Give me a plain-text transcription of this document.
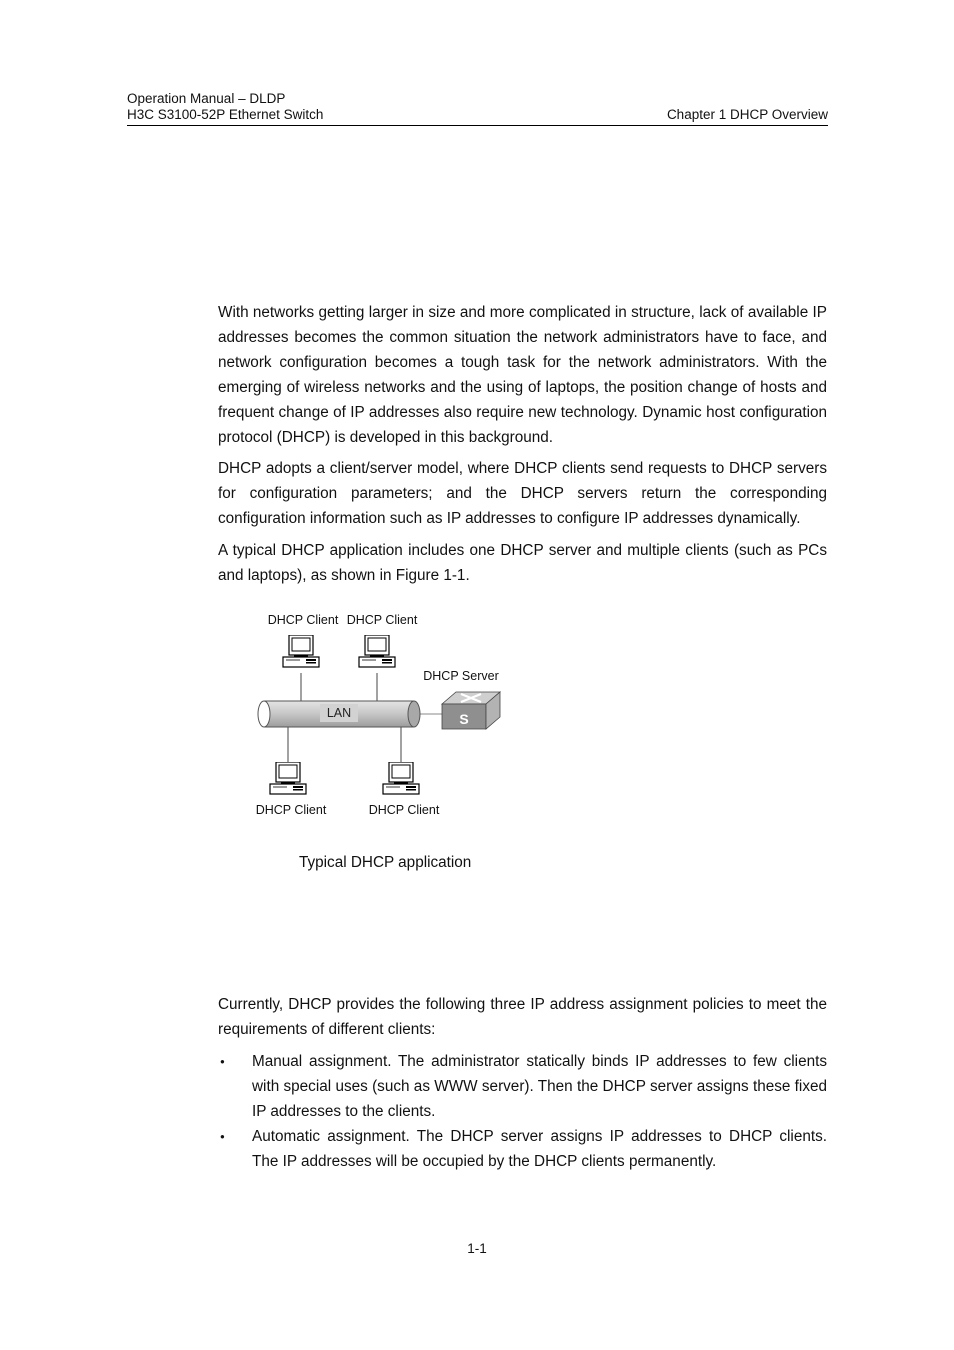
Operation Manual – DLDP
H3C S3100-52P Ethernet Switch	Chapter 1 DHCP Overview

With networks getting larger in size and more complicated in structure, lack of available IP addresses becomes the common situation the network administrators have to face, and network configuration becomes a tough task for the network administrators. With the emerging of wireless networks and the using of laptops, the position change of hosts and frequent change of IP addresses also require new technology. Dynamic host configuration protocol (DHCP) is developed in this background.

DHCP adopts a client/server model, where DHCP clients send requests to DHCP servers for configuration parameters; and the DHCP servers return the corresponding configuration information such as IP addresses to configure IP addresses dynamically.

A typical DHCP application includes one DHCP server and multiple clients (such as PCs and laptops), as shown in Figure 1-1.

LAN	S
DHCP Client DHCP Client
DHCP Server
DHCP Client	DHCP Client
Typical DHCP application

Currently, DHCP provides the following three IP address assignment policies to meet the requirements of different clients:

● Manual assignment. The administrator statically binds IP addresses to few clients with special uses (such as WWW server). Then the DHCP server assigns these fixed IP addresses to the clients.
● Automatic assignment. The DHCP server assigns IP addresses to DHCP clients. The IP addresses will be occupied by the DHCP clients permanently.
1-1
